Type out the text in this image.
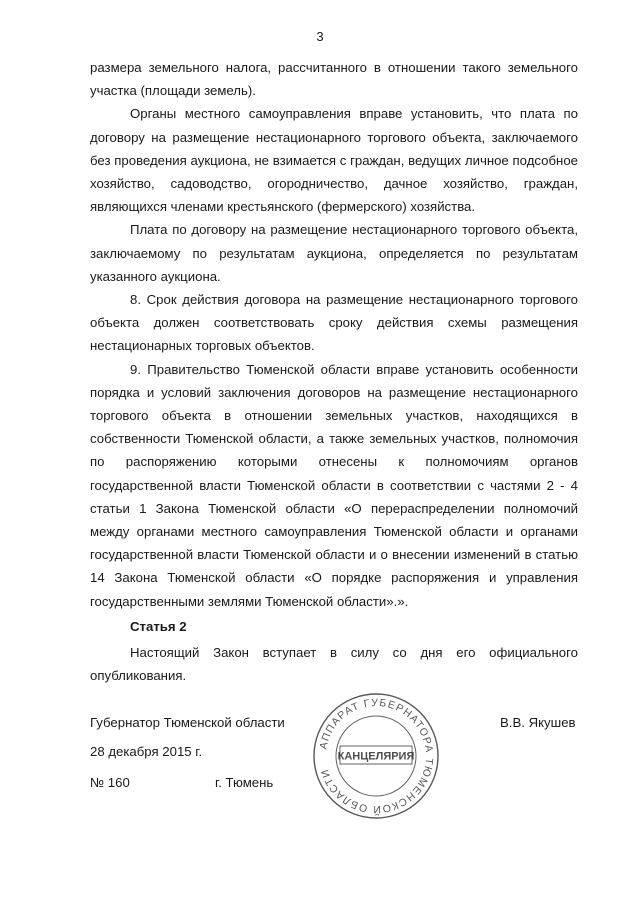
3

размера земельного налога, рассчитанного в отношении такого земельного участка (площади земель).

Органы местного самоуправления вправе установить, что плата по договору на размещение нестационарного торгового объекта, заключаемого без проведения аукциона, не взимается с граждан, ведущих личное подсобное хозяйство, садоводство, огородничество, дачное хозяйство, граждан, являющихся членами крестьянского (фермерского) хозяйства.

Плата по договору на размещение нестационарного торгового объекта, заключаемому по результатам аукциона, определяется по результатам указанного аукциона.

8. Срок действия договора на размещение нестационарного торгового объекта должен соответствовать сроку действия схемы размещения нестационарных торговых объектов.

9. Правительство Тюменской области вправе установить особенности порядка и условий заключения договоров на размещение нестационарного торгового объекта в отношении земельных участков, находящихся в собственности Тюменской области, а также земельных участков, полномочия по распоряжению которыми отнесены к полномочиям органов государственной власти Тюменской области в соответствии с частями 2 - 4 статьи 1 Закона Тюменской области «О перераспределении полномочий между органами местного самоуправления Тюменской области и органами государственной власти Тюменской области и о внесении изменений в статью 14 Закона Тюменской области «О порядке распоряжения и управления государственными землями Тюменской области».».

Статья 2

Настоящий Закон вступает в силу со дня его официального опубликования.

Губернатор Тюменской области	В.В. Якушев
28 декабря 2015 г.
№ 160	г. Тюмень
АППАРАТ ГУБЕРНАТОРА ТЮМЕНСКОЙ ОБЛАСТИ
КАНЦЕЛЯРИЯ
